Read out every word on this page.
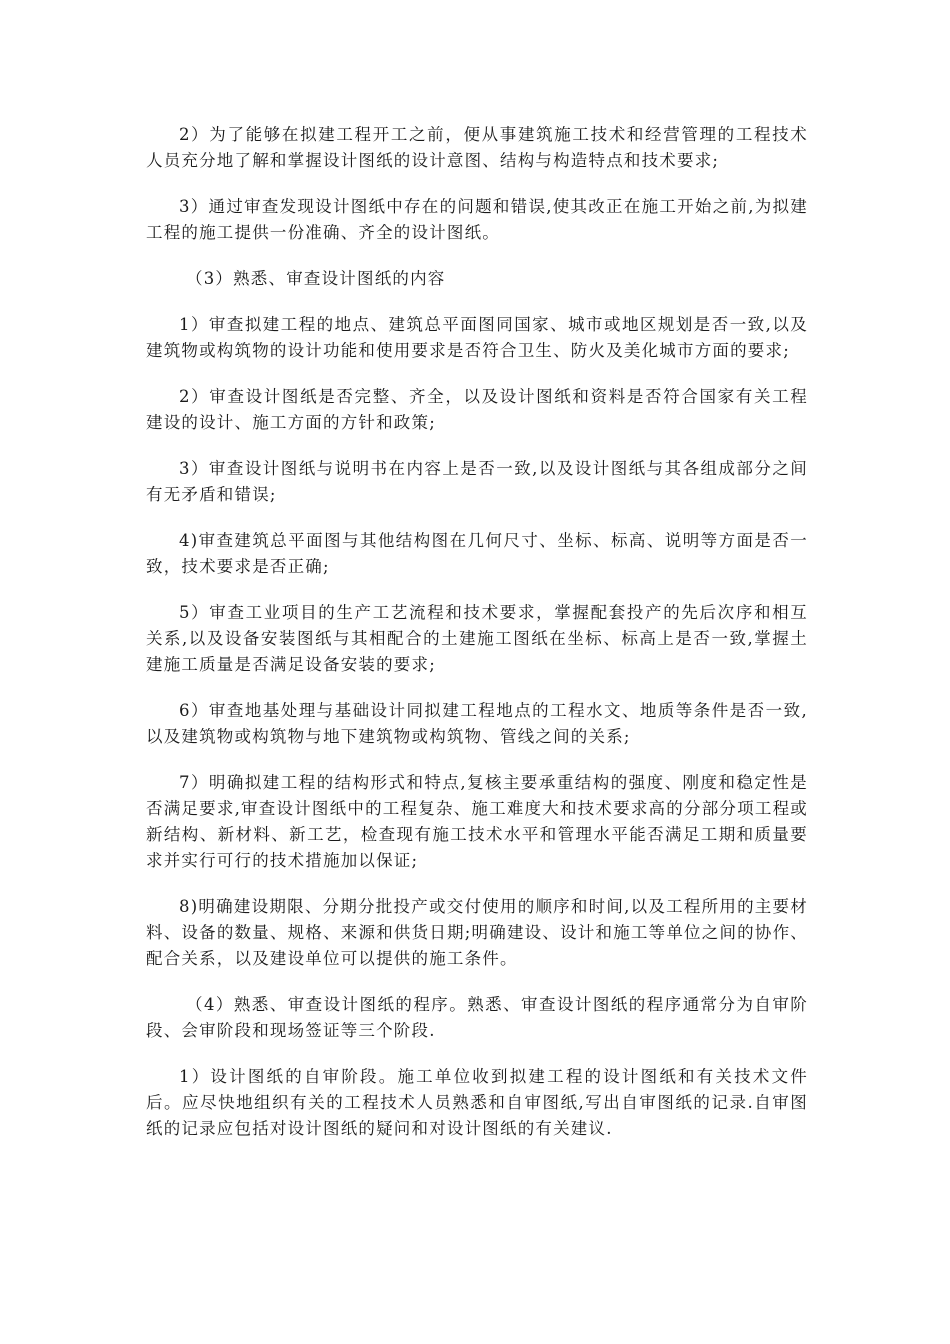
2）为了能够在拟建工程开工之前，便从事建筑施工技术和经营管理的工程技术人员充分地了解和掌握设计图纸的设计意图、结构与构造特点和技术要求;

3）通过审查发现设计图纸中存在的问题和错误,使其改正在施工开始之前,为拟建工程的施工提供一份准确、齐全的设计图纸。

（3）熟悉、审查设计图纸的内容

1）审查拟建工程的地点、建筑总平面图同国家、城市或地区规划是否一致,以及建筑物或构筑物的设计功能和使用要求是否符合卫生、防火及美化城市方面的要求;

2）审查设计图纸是否完整、齐全，以及设计图纸和资料是否符合国家有关工程建设的设计、施工方面的方针和政策;

3）审查设计图纸与说明书在内容上是否一致,以及设计图纸与其各组成部分之间有无矛盾和错误;

4)审查建筑总平面图与其他结构图在几何尺寸、坐标、标高、说明等方面是否一致，技术要求是否正确;

5）审查工业项目的生产工艺流程和技术要求，掌握配套投产的先后次序和相互关系,以及设备安装图纸与其相配合的土建施工图纸在坐标、标高上是否一致,掌握土建施工质量是否满足设备安装的要求;

6）审查地基处理与基础设计同拟建工程地点的工程水文、地质等条件是否一致,以及建筑物或构筑物与地下建筑物或构筑物、管线之间的关系;

7）明确拟建工程的结构形式和特点,复核主要承重结构的强度、刚度和稳定性是否满足要求,审查设计图纸中的工程复杂、施工难度大和技术要求高的分部分项工程或新结构、新材料、新工艺，检查现有施工技术水平和管理水平能否满足工期和质量要求并实行可行的技术措施加以保证;

8)明确建设期限、分期分批投产或交付使用的顺序和时间,以及工程所用的主要材料、设备的数量、规格、来源和供货日期;明确建设、设计和施工等单位之间的协作、配合关系，以及建设单位可以提供的施工条件。

（4）熟悉、审查设计图纸的程序。熟悉、审查设计图纸的程序通常分为自审阶段、会审阶段和现场签证等三个阶段.

1）设计图纸的自审阶段。施工单位收到拟建工程的设计图纸和有关技术文件后。应尽快地组织有关的工程技术人员熟悉和自审图纸,写出自审图纸的记录.自审图纸的记录应包括对设计图纸的疑问和对设计图纸的有关建议.
